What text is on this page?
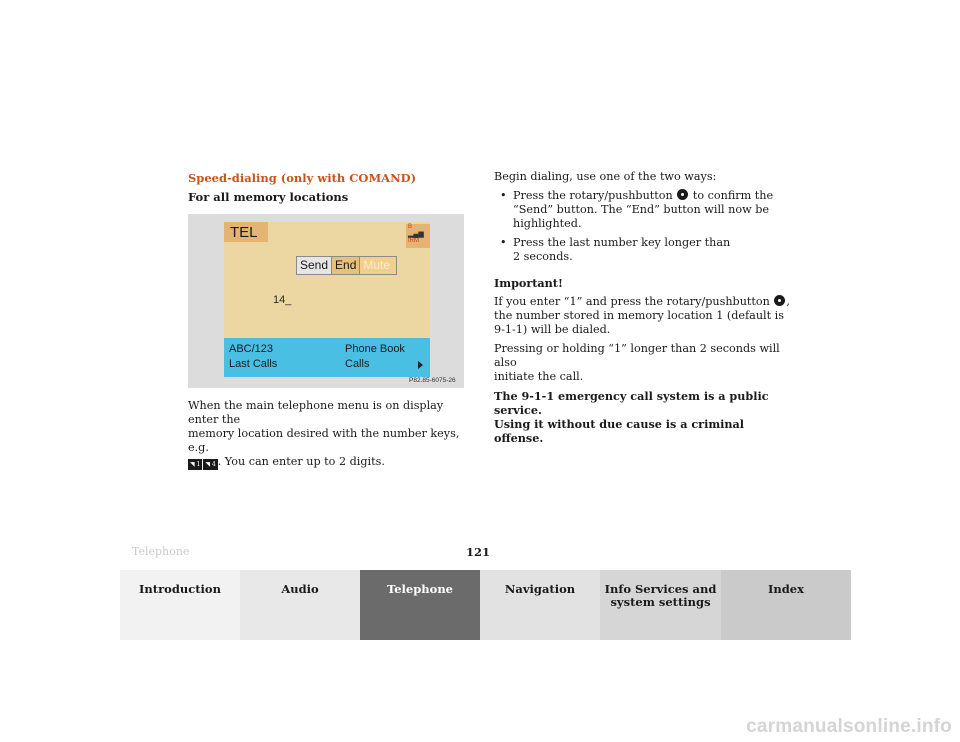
Speed-dialing (only with COMAND)
For all memory locations
TEL	B
▂▄▆
IRM
Send End Mute
14_
ABC/123
Last Calls
Phone Book
Calls
P82.85-6075-26
When the main telephone menu is on display enter the
memory location desired with the number keys, e.g.
◥ 1 ◥ 4 . You can enter up to 2 digits.
Begin dialing, use one of the two ways:
• Press the rotary/pushbutton to confirm the
“Send” button. The “End” button will now be
highlighted.
• Press the last number key longer than
2 seconds.
Important!
If you enter “1” and press the rotary/pushbutton ,
the number stored in memory location 1 (default is
9-1-1) will be dialed.
Pressing or holding “1” longer than 2 seconds will also
initiate the call.
The 9-1-1 emergency call system is a public service.
Using it without due cause is a criminal offense.
Telephone	121
Introduction	Audio	Telephone	Navigation	Info Services and
system settings
Index
carmanualsonline.info
